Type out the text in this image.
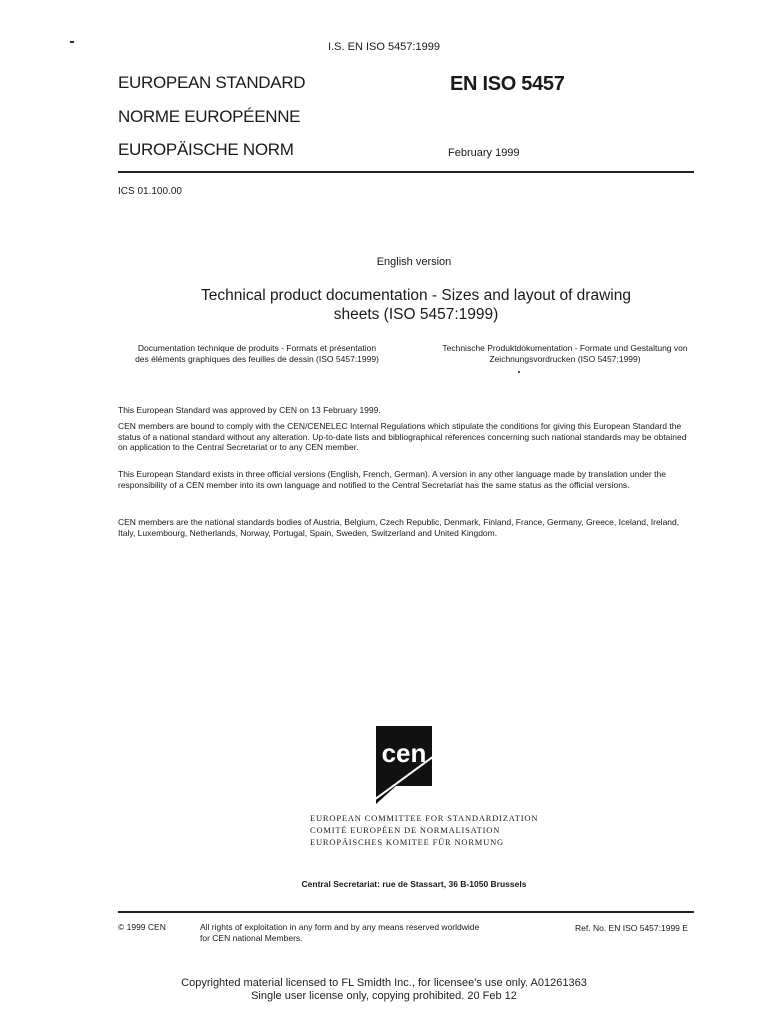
I.S. EN ISO 5457:1999
EUROPEAN STANDARD
NORME EUROPÉENNE
EUROPÄISCHE NORM
EN ISO 5457
February 1999
ICS 01.100.00
English version
Technical product documentation - Sizes and layout of drawing
sheets (ISO 5457:1999)
Documentation technique de produits - Formats et présentation des éléments graphiques des feuilles de dessin (ISO 5457:1999)
Technische Produktdokumentation - Formate und Gestaltung von Zeichnungsvordrucken (ISO 5457:1999)
This European Standard was approved by CEN on 13 February 1999.
CEN members are bound to comply with the CEN/CENELEC Internal Regulations which stipulate the conditions for giving this European Standard the status of a national standard without any alteration. Up-to-date lists and bibliographical references concerning such national standards may be obtained on application to the Central Secretariat or to any CEN member.
This European Standard exists in three official versions (English, French, German). A version in any other language made by translation under the responsibility of a CEN member into its own language and notified to the Central Secretariat has the same status as the official versions.
CEN members are the national standards bodies of Austria, Belgium, Czech Republic, Denmark, Finland, France, Germany, Greece, Iceland, Ireland, Italy, Luxembourg, Netherlands, Norway, Portugal, Spain, Sweden, Switzerland and United Kingdom.
cen
EUROPEAN COMMITTEE FOR STANDARDIZATION
COMITÉ EUROPÉEN DE NORMALISATION
EUROPÄISCHES KOMITEE FÜR NORMUNG
Central Secretariat: rue de Stassart, 36 B-1050 Brussels
© 1999 CEN	All rights of exploitation in any form and by any means reserved worldwide for CEN national Members.
Ref. No. EN ISO 5457:1999 E
Copyrighted material licensed to FL Smidth Inc., for licensee's use only. A01261363
Single user license only, copying prohibited. 20 Feb 12
